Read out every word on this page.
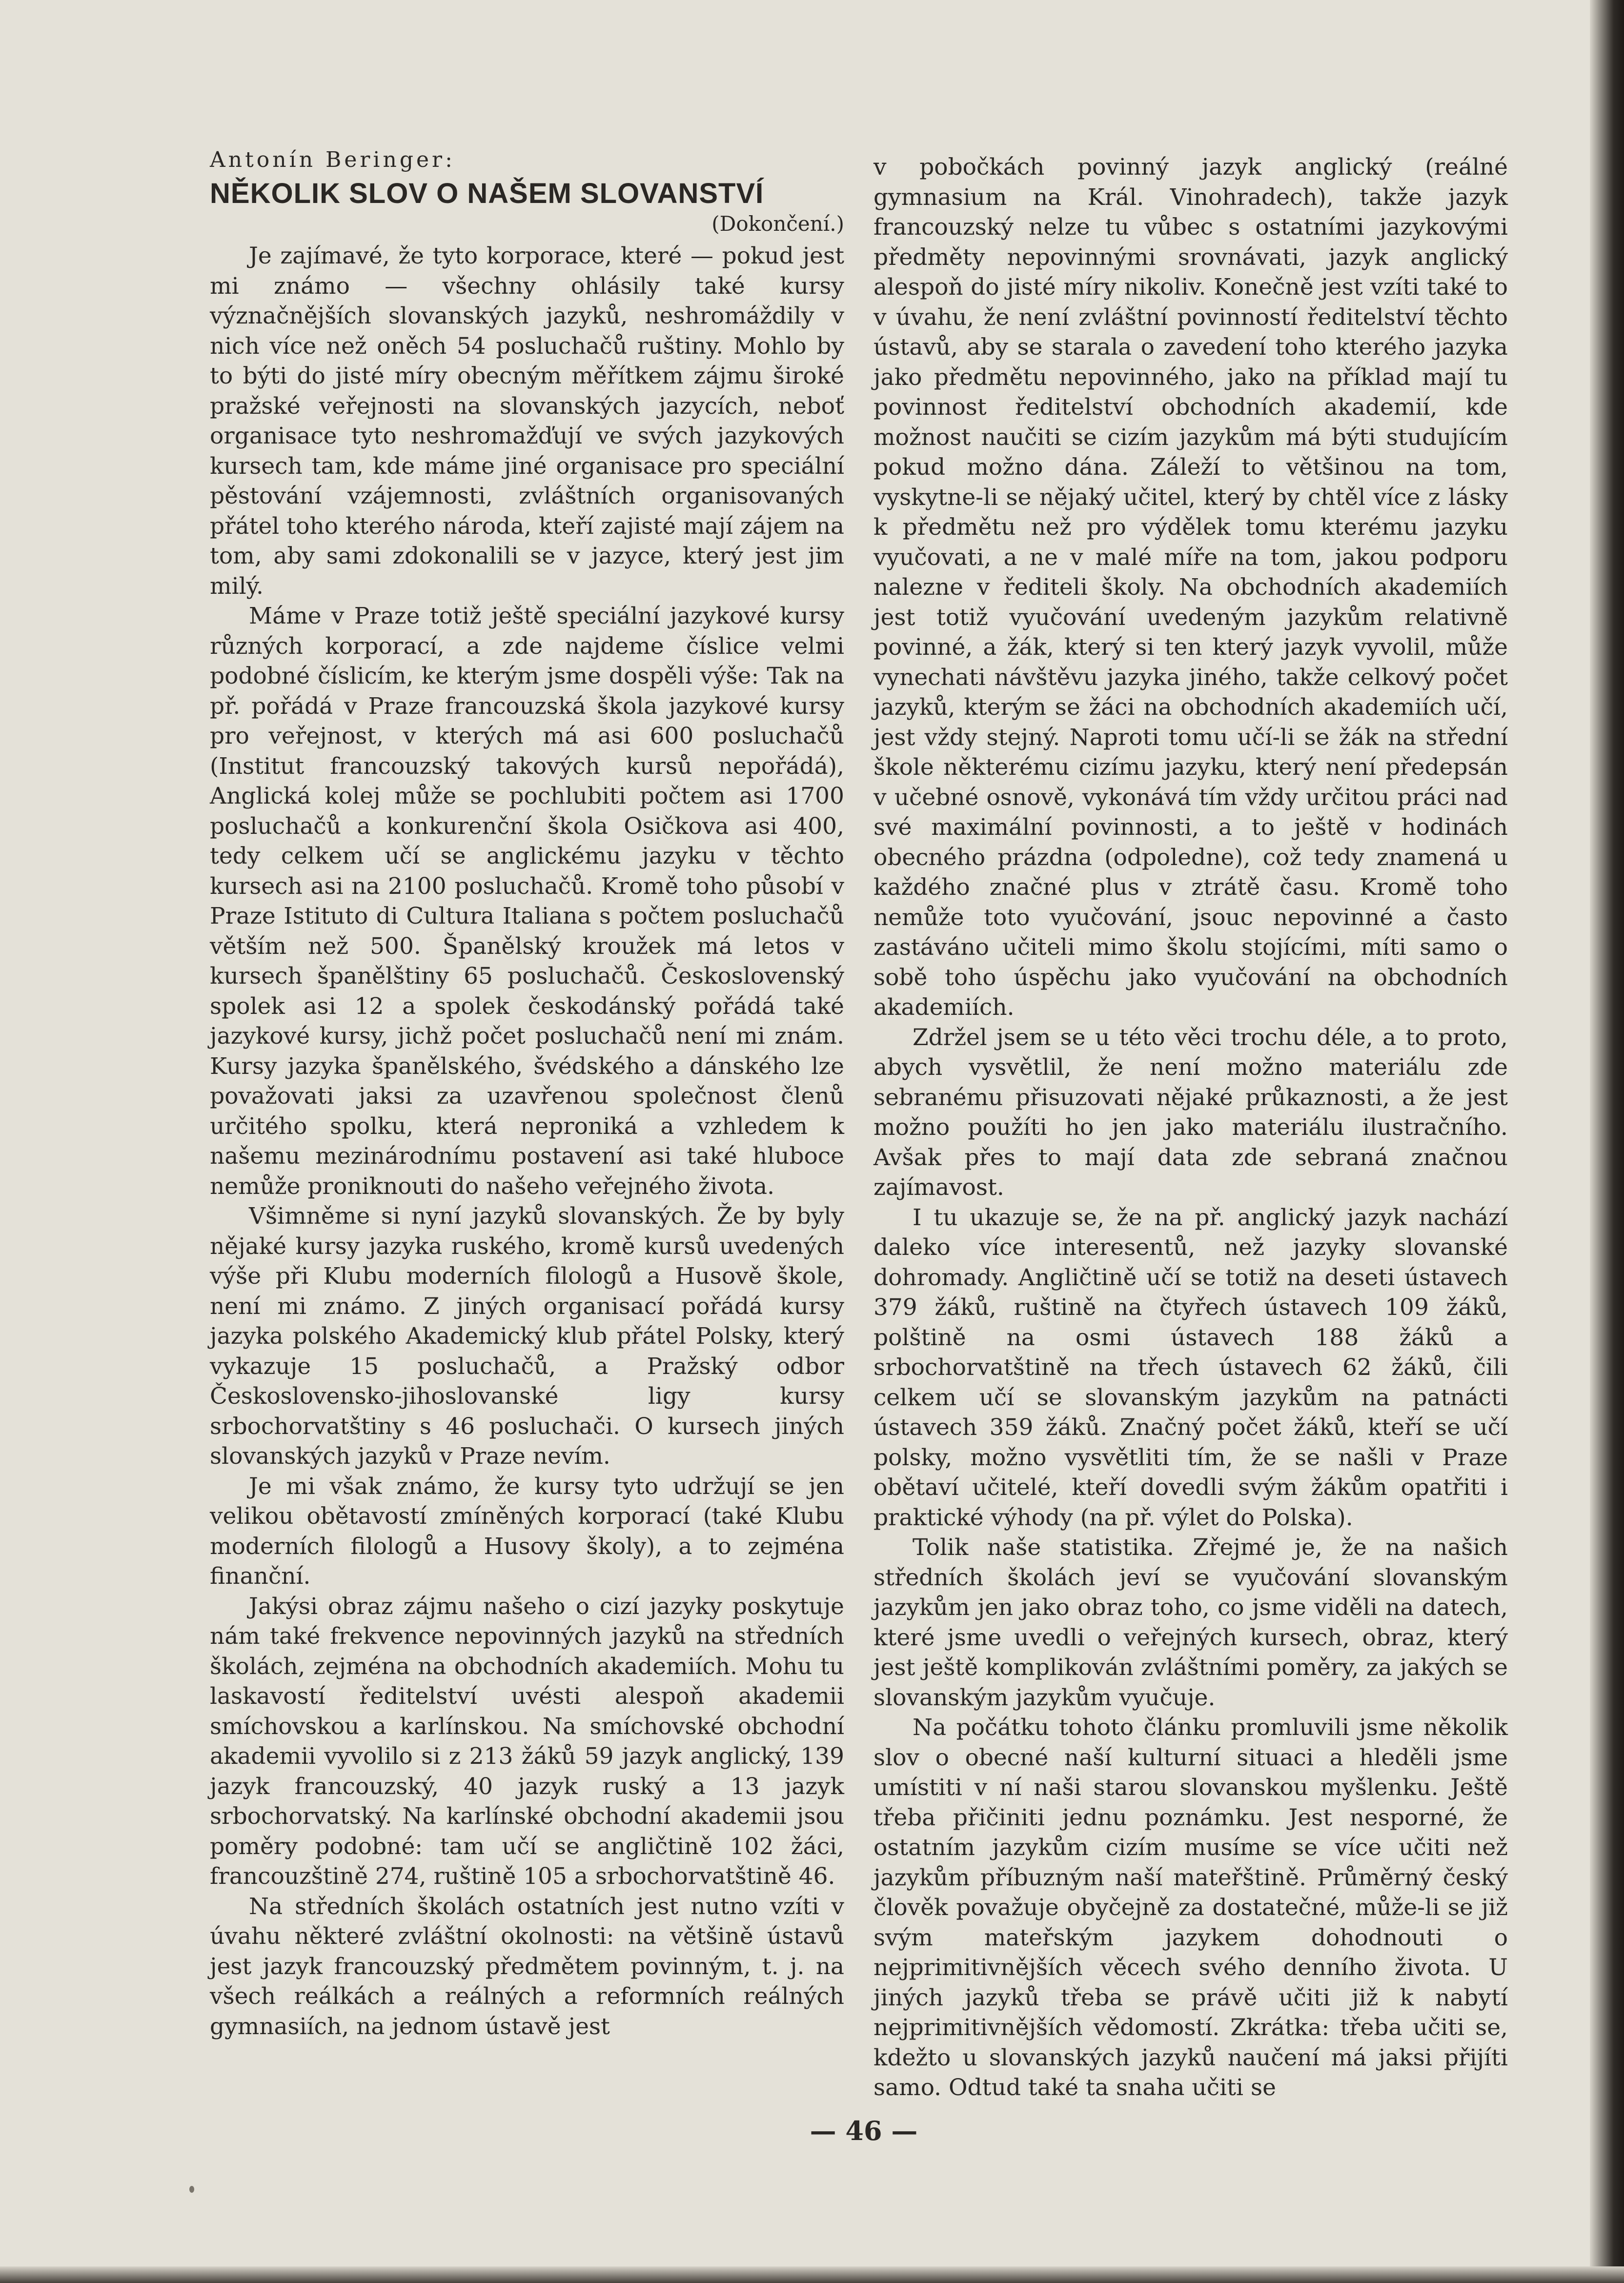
Antonín Beringer:
NĚKOLIK SLOV O NAŠEM SLOVANSTVÍ
(Dokončení.)

Je zajímavé, že tyto korporace, které — pokud jest mi známo — všechny ohlásily také kursy význačnějších slovanských jazyků, neshromáždily v nich více než oněch 54 posluchačů ruštiny. Mohlo by to býti do jisté míry obecným měřítkem zájmu široké pražské veřejnosti na slovanských jazycích, neboť organisace tyto neshromažďují ve svých jazykových kursech tam, kde máme jiné organisace pro speciální pěstování vzájemnosti, zvláštních organisovaných přátel toho kterého národa, kteří zajisté mají zájem na tom, aby sami zdokonalili se v jazyce, který jest jim milý.

Máme v Praze totiž ještě speciální jazykové kursy různých korporací, a zde najdeme číslice velmi podobné číslicím, ke kterým jsme dospěli výše: Tak na př. pořádá v Praze francouzská škola jazykové kursy pro veřejnost, v kterých má asi 600 posluchačů (Institut francouzský takových kursů nepořádá), Anglická kolej může se pochlubiti počtem asi 1700 posluchačů a konkurenční škola Osičkova asi 400, tedy celkem učí se anglickému jazyku v těchto kursech asi na 2100 posluchačů. Kromě toho působí v Praze Istituto di Cultura Italiana s počtem posluchačů větším než 500. Španělský kroužek má letos v kursech španělštiny 65 posluchačů. Československý spolek asi 12 a spolek českodánský pořádá také jazykové kursy, jichž počet posluchačů není mi znám. Kursy jazyka španělského, švédského a dánského lze považovati jaksi za uzavřenou společnost členů určitého spolku, která neproniká a vzhledem k našemu mezinárodnímu postavení asi také hluboce nemůže proniknouti do našeho veřejného života.

Všimněme si nyní jazyků slovanských. Že by byly nějaké kursy jazyka ruského, kromě kursů uvedených výše při Klubu moderních filologů a Husově škole, není mi známo. Z jiných organisací pořádá kursy jazyka polského Akademický klub přátel Polsky, který vykazuje 15 posluchačů, a Pražský odbor Československo-jihoslovanské ligy kursy srbochorvatštiny s 46 posluchači. O kursech jiných slovanských jazyků v Praze nevím.

Je mi však známo, že kursy tyto udržují se jen velikou obětavostí zmíněných korporací (také Klubu moderních filologů a Husovy školy), a to zejména finanční.

Jakýsi obraz zájmu našeho o cizí jazyky poskytuje nám také frekvence nepovinných jazyků na středních školách, zejména na obchodních akademiích. Mohu tu laskavostí ředitelství uvésti alespoň akademii smíchovskou a karlínskou. Na smíchovské obchodní akademii vyvolilo si z 213 žáků 59 jazyk anglický, 139 jazyk francouzský, 40 jazyk ruský a 13 jazyk srbochorvatský. Na karlínské obchodní akademii jsou poměry podobné: tam učí se angličtině 102 žáci, francouzštině 274, ruštině 105 a srbochorvatštině 46.

Na středních školách ostatních jest nutno vzíti v úvahu některé zvláštní okolnosti: na většině ústavů jest jazyk francouzský předmětem povinným, t. j. na všech reálkách a reálných a reformních reálných gymnasiích, na jednom ústavě jest

v pobočkách povinný jazyk anglický (reálné gymnasium na Král. Vinohradech), takže jazyk francouzský nelze tu vůbec s ostatními jazykovými předměty nepovinnými srovnávati, jazyk anglický alespoň do jisté míry nikoliv. Konečně jest vzíti také to v úvahu, že není zvláštní povinností ředitelství těchto ústavů, aby se starala o zavedení toho kterého jazyka jako předmětu nepovinného, jako na příklad mají tu povinnost ředitelství obchodních akademií, kde možnost naučiti se cizím jazykům má býti studujícím pokud možno dána. Záleží to většinou na tom, vyskytne-li se nějaký učitel, který by chtěl více z lásky k předmětu než pro výdělek tomu kterému jazyku vyučovati, a ne v malé míře na tom, jakou podporu nalezne v řediteli školy. Na obchodních akademiích jest totiž vyučování uvedeným jazykům relativně povinné, a žák, který si ten který jazyk vyvolil, může vynechati návštěvu jazyka jiného, takže celkový počet jazyků, kterým se žáci na obchodních akademiích učí, jest vždy stejný. Naproti tomu učí-li se žák na střední škole některému cizímu jazyku, který není předepsán v učebné osnově, vykonává tím vždy určitou práci nad své maximální povinnosti, a to ještě v hodinách obecného prázdna (odpoledne), což tedy znamená u každého značné plus v ztrátě času. Kromě toho nemůže toto vyučování, jsouc nepovinné a často zastáváno učiteli mimo školu stojícími, míti samo o sobě toho úspěchu jako vyučování na obchodních akademiích.

Zdržel jsem se u této věci trochu déle, a to proto, abych vysvětlil, že není možno materiálu zde sebranému přisuzovati nějaké průkaznosti, a že jest možno použíti ho jen jako materiálu ilustračního. Avšak přes to mají data zde sebraná značnou zajímavost.

I tu ukazuje se, že na př. anglický jazyk nachází daleko více interesentů, než jazyky slovanské dohromady. Angličtině učí se totiž na deseti ústavech 379 žáků, ruštině na čtyřech ústavech 109 žáků, polštině na osmi ústavech 188 žáků a srbochorvatštině na třech ústavech 62 žáků, čili celkem učí se slovanským jazykům na patnácti ústavech 359 žáků. Značný počet žáků, kteří se učí polsky, možno vysvětliti tím, že se našli v Praze obětaví učitelé, kteří dovedli svým žákům opatřiti i praktické výhody (na př. výlet do Polska).

Tolik naše statistika. Zřejmé je, že na našich středních školách jeví se vyučování slovanským jazykům jen jako obraz toho, co jsme viděli na datech, které jsme uvedli o veřejných kursech, obraz, který jest ještě komplikován zvláštními poměry, za jakých se slovanským jazykům vyučuje.

Na počátku tohoto článku promluvili jsme několik slov o obecné naší kulturní situaci a hleděli jsme umístiti v ní naši starou slovanskou myšlenku. Ještě třeba přičiniti jednu poznámku. Jest nesporné, že ostatním jazykům cizím musíme se více učiti než jazykům příbuzným naší mateřštině. Průměrný český člověk považuje obyčejně za dostatečné, může-li se již svým mateřským jazykem dohodnouti o nejprimitivnějších věcech svého denního života. U jiných jazyků třeba se právě učiti již k nabytí nejprimitivnějších vědomostí. Zkrátka: třeba učiti se, kdežto u slovanských jazyků naučení má jaksi přijíti samo. Odtud také ta snaha učiti se

— 46 —
